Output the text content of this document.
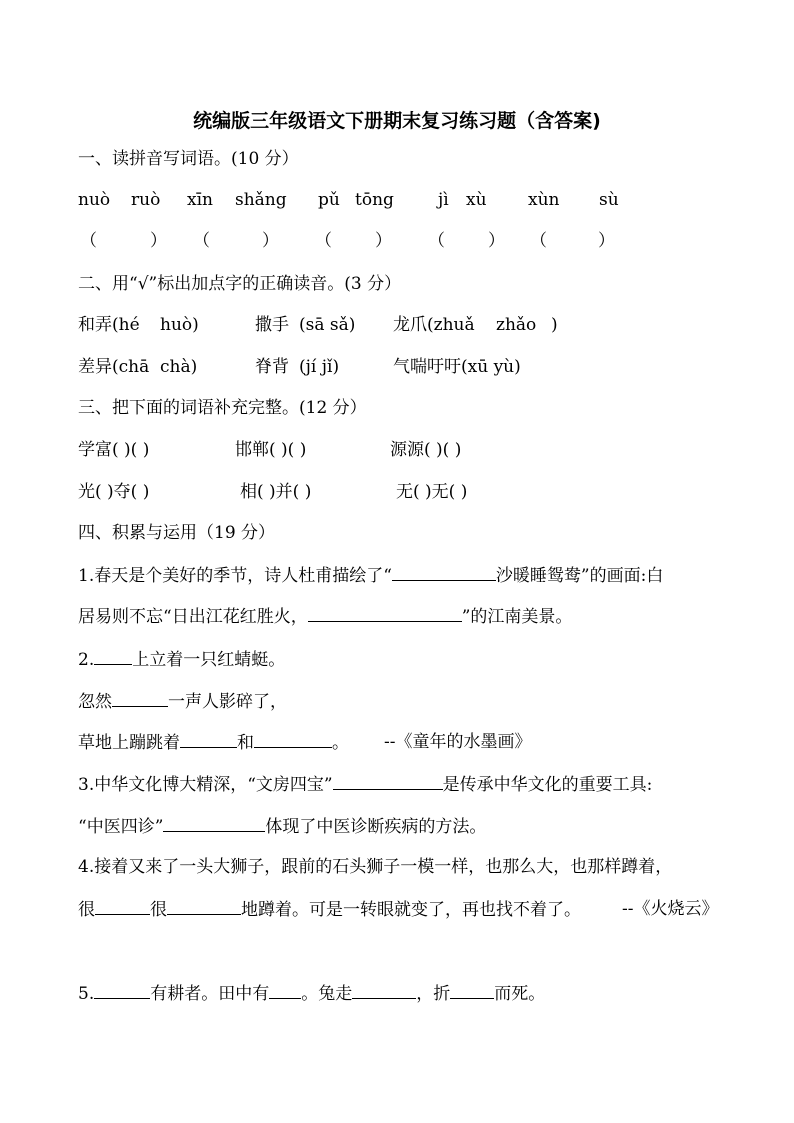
统编版三年级语文下册期末复习练习题（含答案)
一、读拼音写词语。(10 分）
nuò ruò xīn shǎng pǔ tōng	jì xù xùn sù
（	） （	） （	） （	） （	）
二、用“√”标出加点字的正确读音。(3 分）
和弄(hé huò)	撒手 (sā sǎ) 龙爪(zhuǎ zhǎo )
差异(chā chà)	脊背 (jí jǐ)	气喘吁吁(xū yù)
三、把下面的词语补充完整。(12 分）
学富( )( )	邯郸( )( )	源源( )( )
光( )夺( )	相( )并( )	无( )无( )
四、积累与运用（19 分）
1.春天是个美好的季节，诗人杜甫描绘了“	沙暖睡鸳鸯”的画面:白
居易则不忘“日出江花红胜火，	”的江南美景。
2. 上立着一只红蜻蜓。
忽然	一声人影碎了，
草地上蹦跳着	和	。 --《童年的水墨画》
3.中华文化博大精深，“文房四宝”	是传承中华文化的重要工具:
“中医四诊”	体现了中医诊断疾病的方法。
4.接着又来了一头大狮子，跟前的石头狮子一模一样，也那么大，也那样蹲着，
很	很	地蹲着。可是一转眼就变了，再也找不着了。 --《火烧云》
5.	有耕者。田中有 。兔走	，折	而死。
